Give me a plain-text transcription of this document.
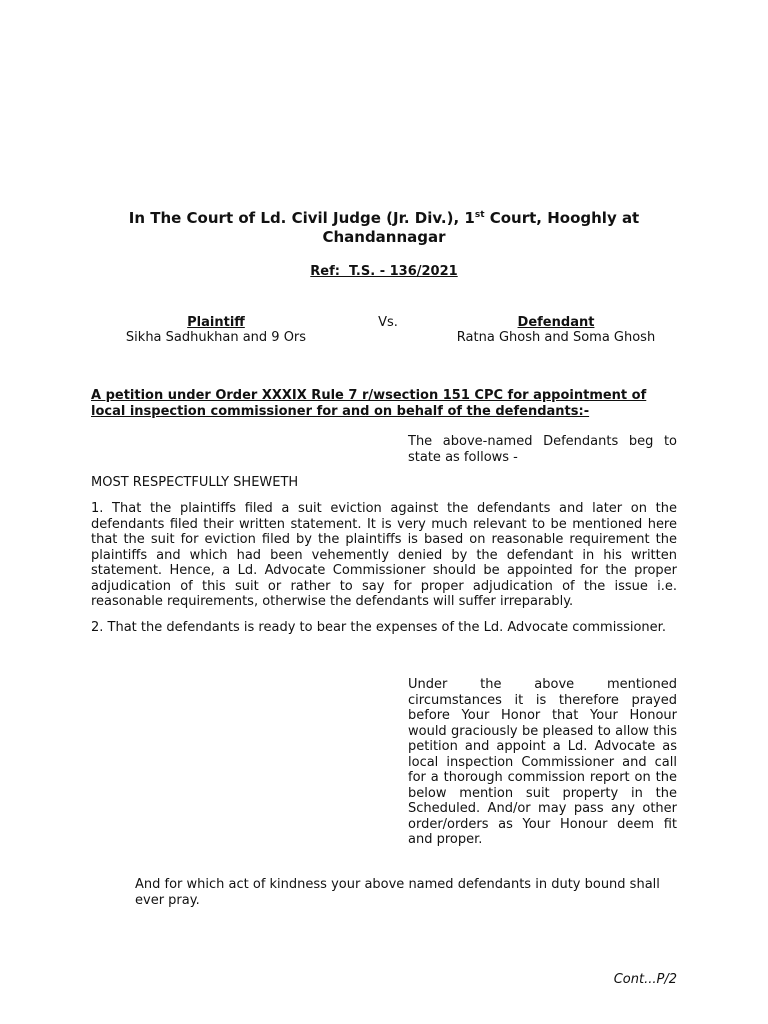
In The Court of Ld. Civil Judge (Jr. Div.), 1st Court, Hooghly at Chandannagar
Ref:  T.S. - 136/2021
Plaintiff
Sikha Sadhukhan and 9 Ors
Vs.	Defendant
Ratna Ghosh and Soma Ghosh
A petition under Order XXXIX Rule 7 r/wsection 151 CPC for appointment of local inspection commissioner for and on behalf of the defendants:-
The above-named Defendants beg to state as follows -
MOST RESPECTFULLY SHEWETH
1. That the plaintiffs filed a suit eviction against the defendants and later on the defendants filed their written statement. It is very much relevant to be mentioned here that the suit for eviction filed by the plaintiffs is based on reasonable requirement the plaintiffs and which had been vehemently denied by the defendant in his written statement. Hence, a Ld. Advocate Commissioner should be appointed for the proper adjudication of this suit or rather to say for proper adjudication of the issue i.e. reasonable requirements, otherwise the defendants will suffer irreparably.
2. That the defendants is ready to bear the expenses of the Ld. Advocate commissioner.
Under the above mentioned circumstances it is therefore prayed before Your Honor that Your Honour would graciously be pleased to allow this petition and appoint a Ld. Advocate as local inspection Commissioner and call for a thorough commission report on the below mention suit property in the Scheduled. And/or may pass any other order/orders as Your Honour deem fit and proper.
And for which act of kindness your above named defendants in duty bound shall ever pray.
Cont...P/2
